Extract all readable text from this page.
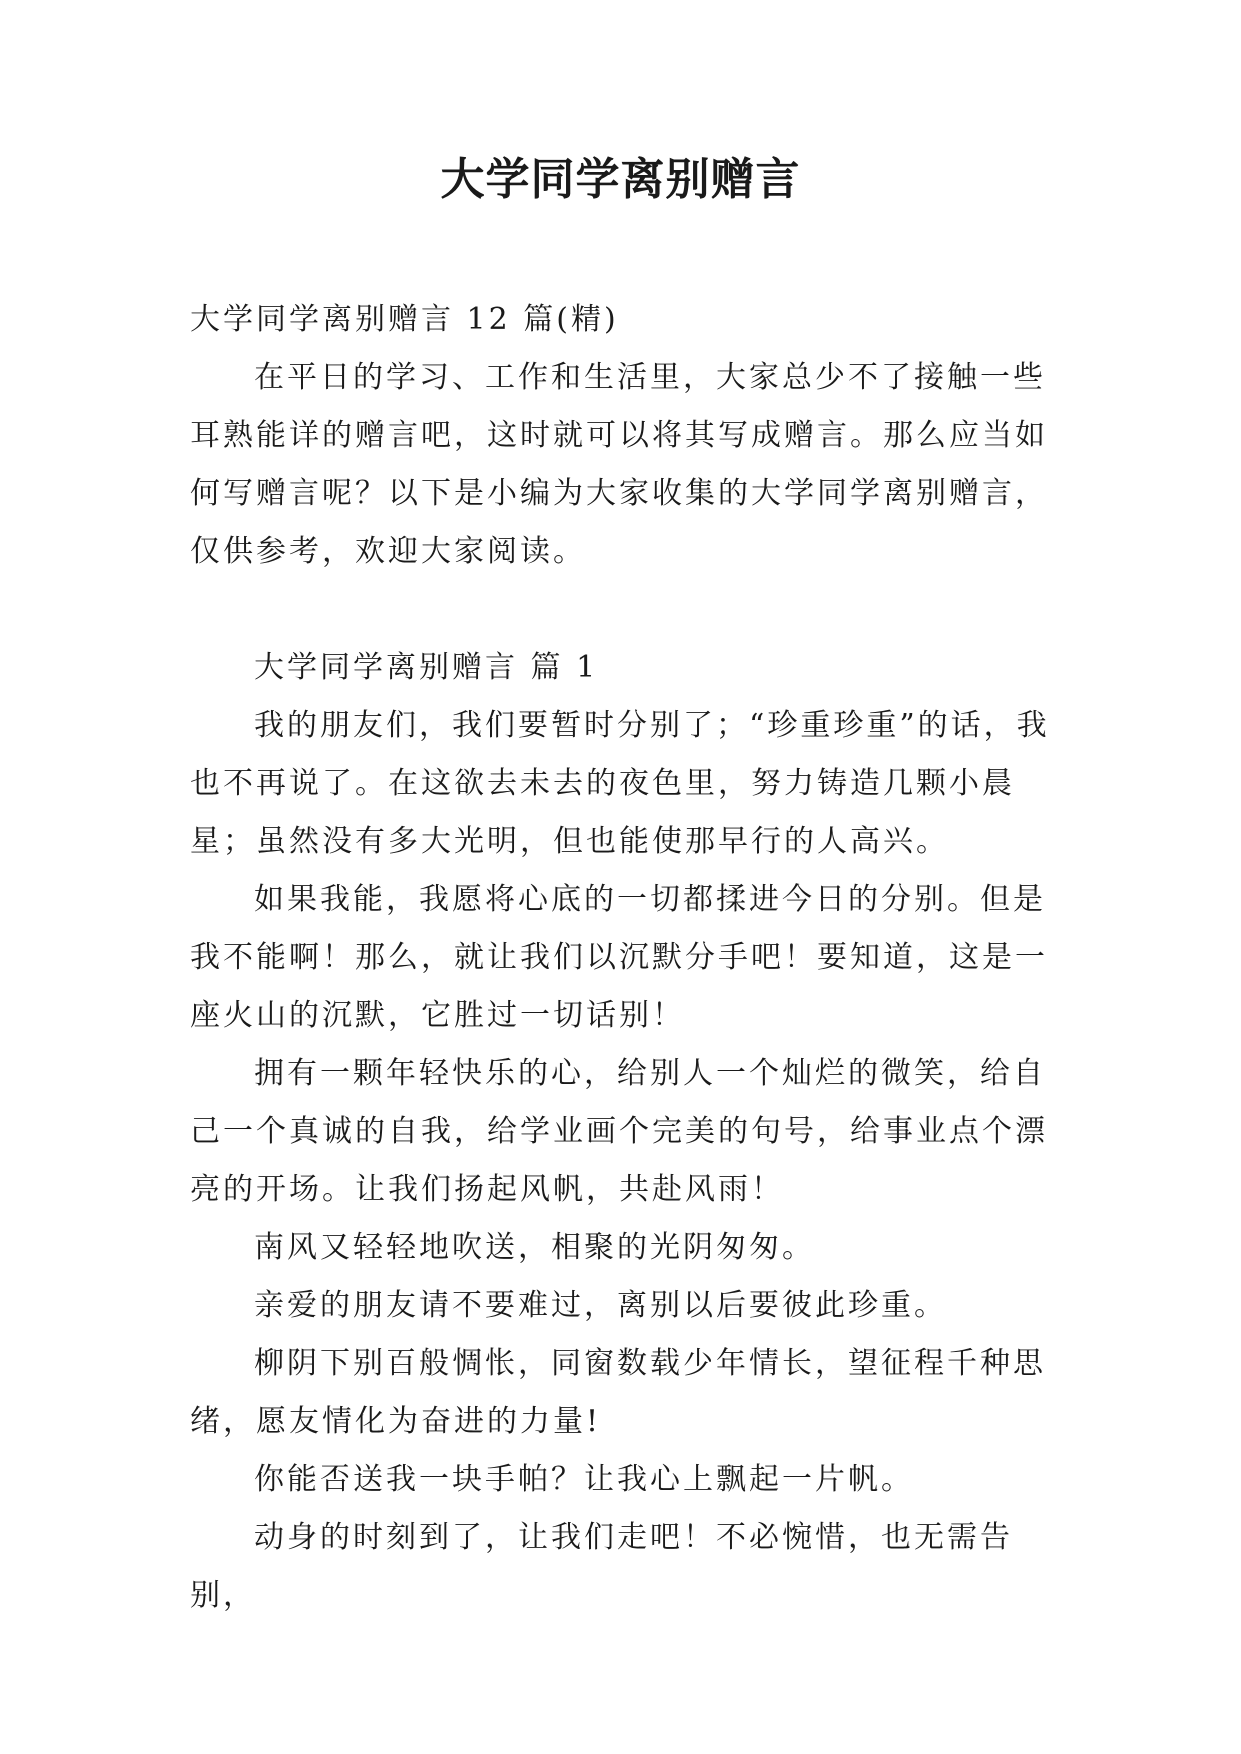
大学同学离别赠言

大学同学离别赠言 12 篇(精)

在平日的学习、工作和生活里，大家总少不了接触一些耳熟能详的赠言吧，这时就可以将其写成赠言。那么应当如何写赠言呢？以下是小编为大家收集的大学同学离别赠言，仅供参考，欢迎大家阅读。

大学同学离别赠言 篇 1

我的朋友们，我们要暂时分别了；“珍重珍重”的话，我也不再说了。在这欲去未去的夜色里，努力铸造几颗小晨星；虽然没有多大光明，但也能使那早行的人高兴。

如果我能，我愿将心底的一切都揉进今日的分别。但是我不能啊！那么，就让我们以沉默分手吧！要知道，这是一座火山的沉默，它胜过一切话别！

拥有一颗年轻快乐的心，给别人一个灿烂的微笑，给自己一个真诚的自我，给学业画个完美的句号，给事业点个漂亮的开场。让我们扬起风帆，共赴风雨！

南风又轻轻地吹送，相聚的光阴匆匆。

亲爱的朋友请不要难过，离别以后要彼此珍重。

柳阴下别百般惆怅，同窗数载少年情长，望征程千种思绪，愿友情化为奋进的力量!

你能否送我一块手帕？让我心上飘起一片帆。

动身的时刻到了，让我们走吧！不必惋惜，也无需告别，
